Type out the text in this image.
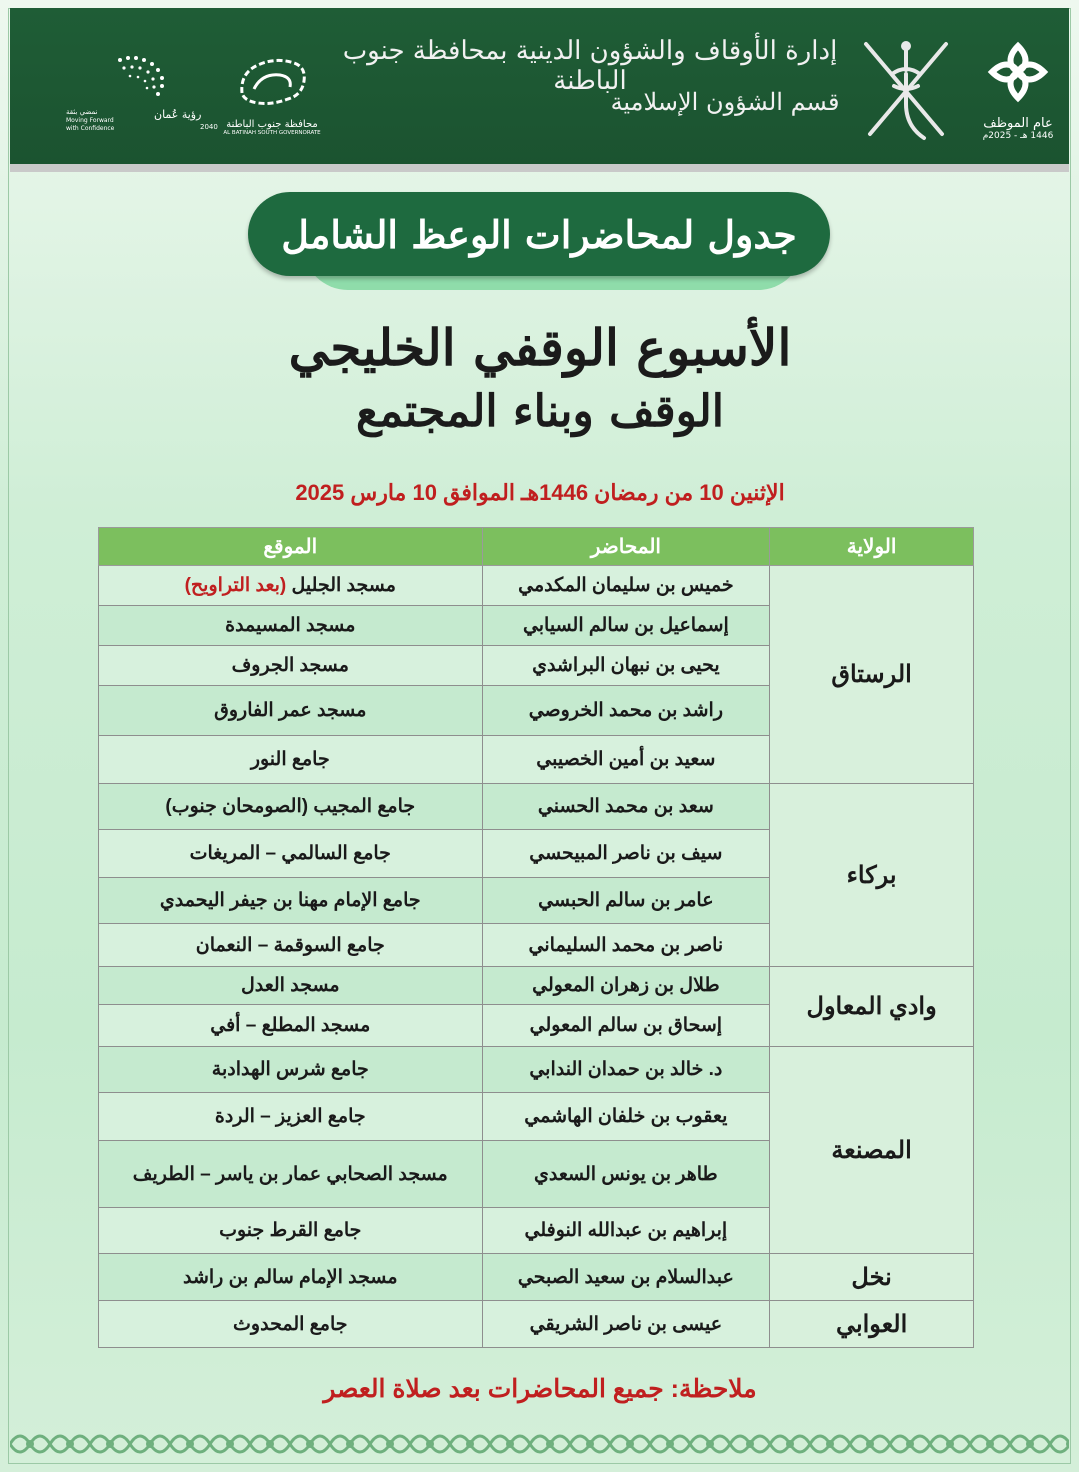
عام الموظف
1446 هـ - 2025م
إدارة الأوقاف والشؤون الدينية بمحافظة جنوب الباطنة
قسم الشؤون الإسلامية
محافظة جنوب الباطنة
AL BATINAH SOUTH GOVERNORATE
رؤية عُمان
2040
نمضي بثقة
Moving Forward
with Confidence
جدول لمحاضرات الوعظ الشامل
الأسبوع الوقفي الخليجي
الوقف وبناء المجتمع
الإثنين 10 من رمضان 1446هـ الموافق 10 مارس 2025
الولاية	المحاضر	الموقع
الرستاق	خميس بن سليمان المكدمي	مسجد الجليل (بعد التراويح)
	إسماعيل بن سالم السيابي	مسجد المسيمدة
	يحيى بن نبهان البراشدي	مسجد الجروف
	راشد بن محمد الخروصي	مسجد عمر الفاروق
	سعيد بن أمين الخصيبي	جامع النور
بركاء	سعد بن محمد الحسني	جامع المجيب (الصومحان جنوب)
	سيف بن ناصر المبيحسي	جامع السالمي – المريغات
	عامر بن سالم الحبسي	جامع الإمام مهنا بن جيفر اليحمدي
	ناصر بن محمد السليماني	جامع السوقمة – النعمان
وادي المعاول	طلال بن زهران المعولي	مسجد العدل
	إسحاق بن سالم المعولي	مسجد المطلع – أفي
المصنعة	د. خالد بن حمدان الندابي	جامع شرس الهدادبة
	يعقوب بن خلفان الهاشمي	جامع العزيز – الردة
	طاهر بن يونس السعدي	مسجد الصحابي عمار بن ياسر – الطريف
	إبراهيم بن عبدالله النوفلي	جامع القرط جنوب
نخل	عبدالسلام بن سعيد الصبحي	مسجد الإمام سالم بن راشد
العوابي	عيسى بن ناصر الشريقي	جامع المحدوث
ملاحظة: جميع المحاضرات بعد صلاة العصر
